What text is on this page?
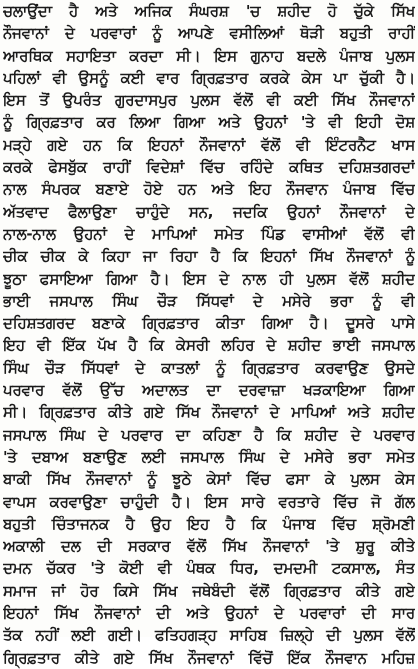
ਚਲਾਉਂਦਾ ਹੈ ਅਤੇ ਅਜਿਕ ਸੰਘਰਸ਼ 'ਚ ਸ਼ਹੀਦ ਹੋ ਚੁੱਕੇ ਸਿੱਖ
ਨੌਜਵਾਨਾਂ ਦੇ ਪਰਵਾਰਾਂ ਨੂੰ ਆਪਣੇ ਵਸੀਲਿਆਂ ਥੋੜੀ ਬਹੁਤੀ ਰਾਹੀਂ
ਆਰਥਿਕ ਸਹਾਇਤਾ ਕਰਦਾ ਸੀ। ਇਸ ਗੁਨਾਹ ਬਦਲੇ ਪੰਜਾਬ ਪੁਲਸ
ਪਹਿਲਾਂ ਵੀ ਉਸਨੂੰ ਕਈ ਵਾਰ ਗ੍ਰਿਫ਼ਤਾਰ ਕਰਕੇ ਕੇਸ ਪਾ ਚੁੱਕੀ ਹੈ।
ਇਸ ਤੋਂ ਉਪਰੰਤ ਗੁਰਦਾਸਪੁਰ ਪੁਲਸ ਵੱਲੋਂ ਵੀ ਕਈ ਸਿੱਖ ਨੌਜਵਾਨਾਂ
ਨੂੰ ਗ੍ਰਿਫ਼ਤਾਰ ਕਰ ਲਿਆ ਗਿਆ ਅਤੇ ਉਹਨਾਂ 'ਤੇ ਵੀ ਇਹੀ ਦੋਸ਼
ਮੜ੍ਹੇ ਗਏ ਹਨ ਕਿ ਇਹਨਾਂ ਨੌਜਵਾਨਾਂ ਵੱਲੋਂ ਵੀ ਇੰਟਰਨੈਟ ਖਾਸ
ਕਰਕੇ ਫੇਸਬੁੱਕ ਰਾਹੀਂ ਵਿਦੇਸ਼ਾਂ ਵਿੱਚ ਰਹਿੰਦੇ ਕਥਿਤ ਦਹਿਸ਼ਤਗਰਦਾਂ
ਨਾਲ ਸੰਪਰਕ ਬਣਾਏ ਹੋਏ ਹਨ ਅਤੇ ਇਹ ਨੌਜਵਾਨ ਪੰਜਾਬ ਵਿੱਚ
ਅੱਤਵਾਦ ਫੈਲਾਉਣਾ ਚਾਹੁੰਦੇ ਸਨ, ਜਦਕਿ ਉਹਨਾਂ ਨੌਜਵਾਨਾਂ ਦੇ
ਨਾਲ-ਨਾਲ ਉਹਨਾਂ ਦੇ ਮਾਪਿਆਂ ਸਮੇਤ ਪਿੰਡ ਵਾਸੀਆਂ ਵੱਲੋਂ ਵੀ
ਚੀਕ ਚੀਕ ਕੇ ਕਿਹਾ ਜਾ ਰਿਹਾ ਹੈ ਕਿ ਇਹਨਾਂ ਸਿੱਖ ਨੌਜਵਾਨਾਂ ਨੂੰ
ਝੂਠਾ ਫਸਾਇਆ ਗਿਆ ਹੈ। ਇਸ ਦੇ ਨਾਲ ਹੀ ਪੁਲਸ ਵੱਲੋਂ ਸ਼ਹੀਦ
ਭਾਈ ਜਸਪਾਲ ਸਿੰਘ ਚੌੜ ਸਿੱਧਵਾਂ ਦੇ ਮਸੇਰੇ ਭਰਾ ਨੂੰ ਵੀ
ਦਹਿਸ਼ਤਗਰਦ ਬਣਾਕੇ ਗ੍ਰਿਫ਼ਤਾਰ ਕੀਤਾ ਗਿਆ ਹੈ। ਦੂਸਰੇ ਪਾਸੇ
ਇਹ ਵੀ ਇੱਕ ਪੱਖ ਹੈ ਕਿ ਕੇਸਰੀ ਲਹਿਰ ਦੇ ਸ਼ਹੀਦ ਭਾਈ ਜਸਪਾਲ
ਸਿੰਘ ਚੌੜ ਸਿੱਧਵਾਂ ਦੇ ਕਾਤਲਾਂ ਨੂੰ ਗ੍ਰਿਫ਼ਤਾਰ ਕਰਵਾਉਣ ਉਸਦੇ
ਪਰਵਾਰ ਵੱਲੋਂ ਉੱਚ ਅਦਾਲਤ ਦਾ ਦਰਵਾਜ਼ਾ ਖੜਕਾਇਆ ਗਿਆ
ਸੀ। ਗ੍ਰਿਫ਼ਤਾਰ ਕੀਤੇ ਗਏ ਸਿੱਖ ਨੌਜਵਾਨਾਂ ਦੇ ਮਾਪਿਆਂ ਅਤੇ ਸ਼ਹੀਦ
ਜਸਪਾਲ ਸਿੰਘ ਦੇ ਪਰਵਾਰ ਦਾ ਕਹਿਣਾ ਹੈ ਕਿ ਸ਼ਹੀਦ ਦੇ ਪਰਵਾਰ
'ਤੇ ਦਬਾਅ ਬਣਾਉਣ ਲਈ ਜਸਪਾਲ ਸਿੰਘ ਦੇ ਮਸੇਰੇ ਭਰਾ ਸਮੇਤ
ਬਾਕੀ ਸਿੱਖ ਨੌਜਵਾਨਾਂ ਨੂੰ ਝੂਠੇ ਕੇਸਾਂ ਵਿੱਚ ਫਸਾ ਕੇ ਪੁਲਸ ਕੇਸ
ਵਾਪਸ ਕਰਵਾਉਣਾ ਚਾਹੁੰਦੀ ਹੈ। ਇਸ ਸਾਰੇ ਵਰਤਾਰੇ ਵਿੱਚ ਜੋ ਗੱਲ
ਬਹੁਤੀ ਚਿੰਤਾਜਨਕ ਹੈ ਉਹ ਇਹ ਹੈ ਕਿ ਪੰਜਾਬ ਵਿੱਚ ਸ਼੍ਰੋਮਣੀ
ਅਕਾਲੀ ਦਲ ਦੀ ਸਰਕਾਰ ਵੱਲੋਂ ਸਿੱਖ ਨੌਜਵਾਨਾਂ 'ਤੇ ਸ਼ੁਰੂ ਕੀਤੇ
ਦਮਨ ਚੱਕਰ 'ਤੇ ਕੋਈ ਵੀ ਪੰਥਕ ਧਿਰ, ਦਮਦਮੀ ਟਕਸਾਲ, ਸੰਤ
ਸਮਾਜ ਜਾਂ ਹੋਰ ਕਿਸੇ ਸਿੱਖ ਜਥੇਬੰਦੀ ਵੱਲੋਂ ਗ੍ਰਿਫ਼ਤਾਰ ਕੀਤੇ ਗਏ
ਇਹਨਾਂ ਸਿੱਖ ਨੌਜਵਾਨਾਂ ਦੀ ਅਤੇ ਉਹਨਾਂ ਦੇ ਪਰਵਾਰਾਂ ਦੀ ਸਾਰ
ਤੱਕ ਨਹੀਂ ਲਈ ਗਈ। ਫਤਿਹਗੜ੍ਹ ਸਾਹਿਬ ਜ਼ਿਲ੍ਹੇ ਦੀ ਪੁਲਸ ਵੱਲੋਂ
ਗ੍ਰਿਫ਼ਤਾਰ ਕੀਤੇ ਗਏ ਸਿੱਖ ਨੌਜਵਾਨਾਂ ਵਿੱਚੋਂ ਇੱਕ ਨੌਜਵਾਨ ਮਹਿਜ਼
